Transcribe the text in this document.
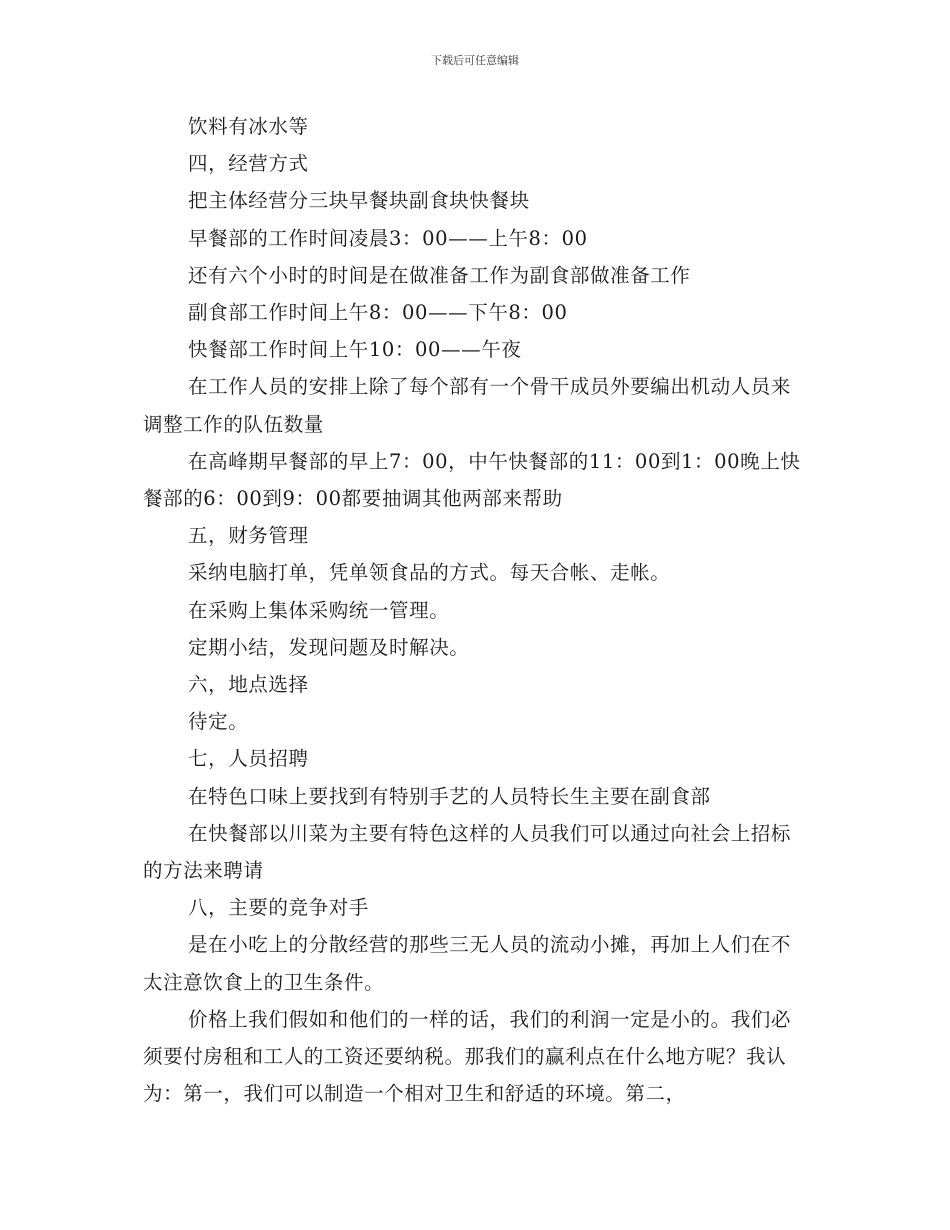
下载后可任意编辑

饮料有冰水等

四，经营方式

把主体经营分三块早餐块副食块快餐块

早餐部的工作时间凌晨3：00——上午8：00

还有六个小时的时间是在做准备工作为副食部做准备工作

副食部工作时间上午8：00——下午8：00

快餐部工作时间上午10：00——午夜

在工作人员的安排上除了每个部有一个骨干成员外要编出机动人员来调整工作的队伍数量

在高峰期早餐部的早上7：00，中午快餐部的11：00到1：00晚上快餐部的6：00到9：00都要抽调其他两部来帮助

五，财务管理

采纳电脑打单，凭单领食品的方式。每天合帐、走帐。

在采购上集体采购统一管理。

定期小结，发现问题及时解决。

六，地点选择

待定。

七，人员招聘

在特色口味上要找到有特别手艺的人员特长生主要在副食部

在快餐部以川菜为主要有特色这样的人员我们可以通过向社会上招标的方法来聘请

八，主要的竞争对手

是在小吃上的分散经营的那些三无人员的流动小摊，再加上人们在不太注意饮食上的卫生条件。

价格上我们假如和他们的一样的话，我们的利润一定是小的。我们必须要付房租和工人的工资还要纳税。那我们的赢利点在什么地方呢？我认为：第一，我们可以制造一个相对卫生和舒适的环境。第二，
